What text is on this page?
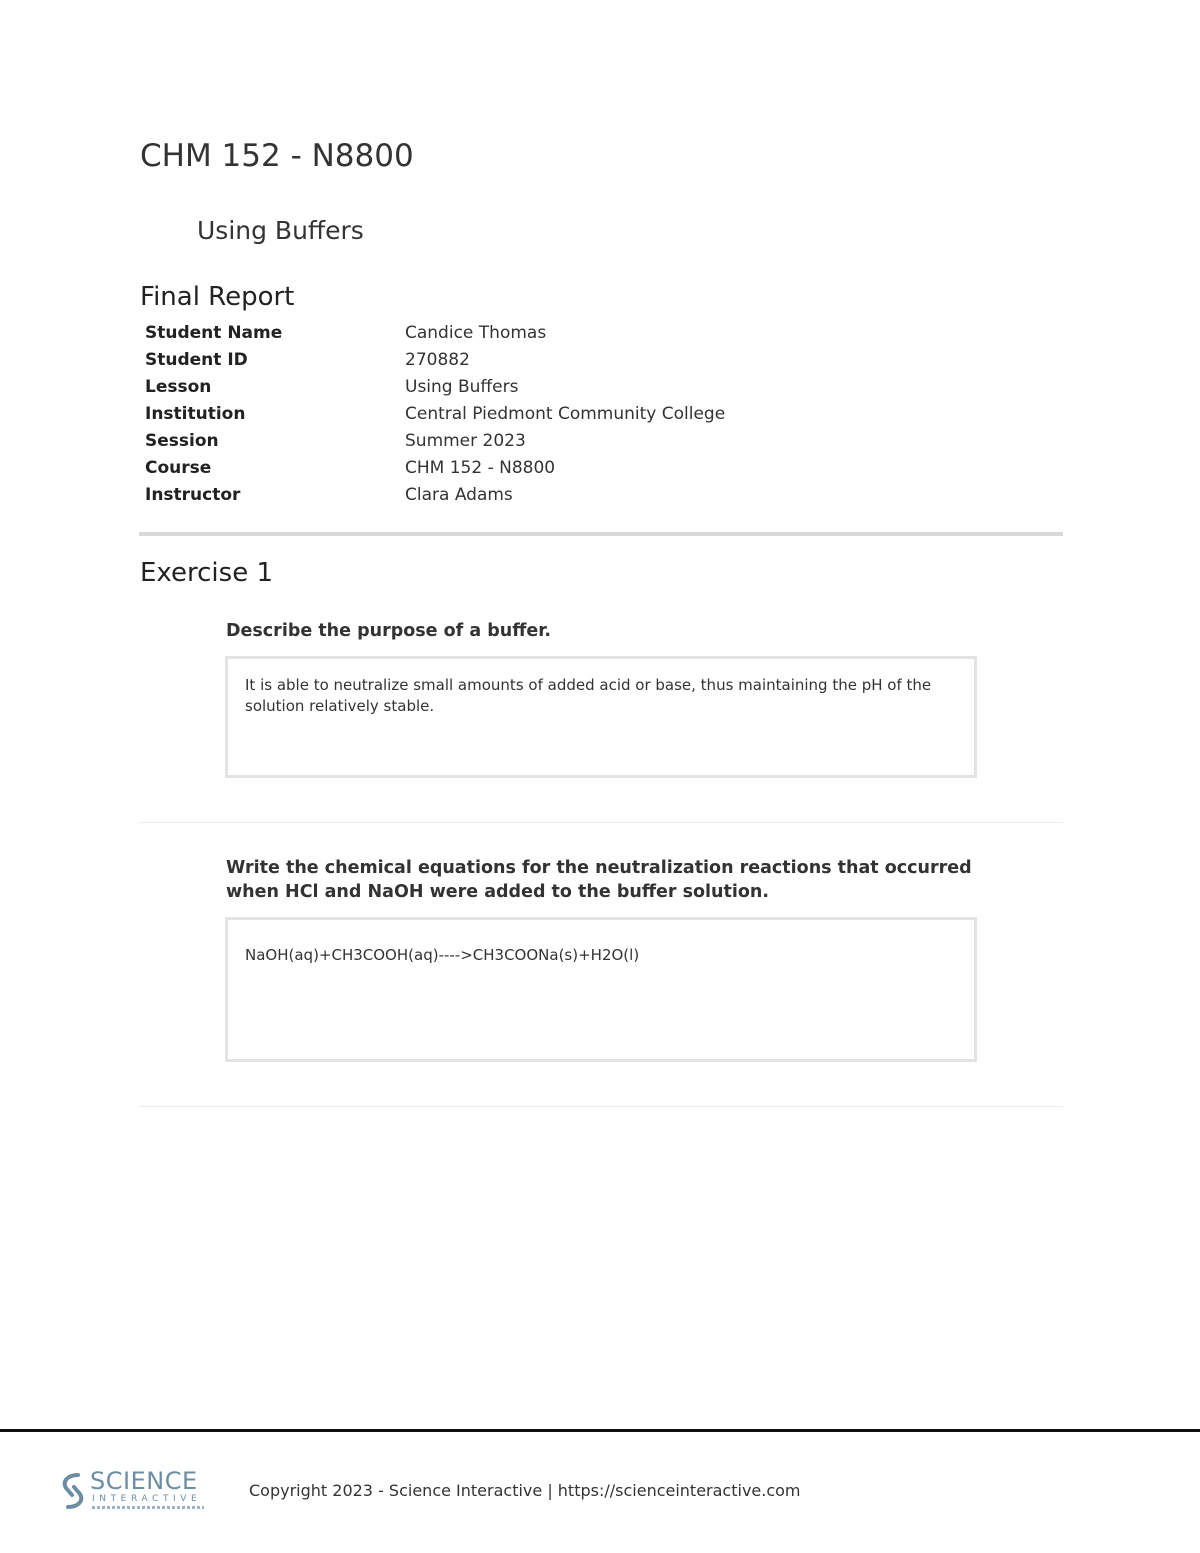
CHM 152 - N8800
Using Buffers
Final Report
Student Name	Candice Thomas
Student ID	270882
Lesson	Using Buffers
Institution	Central Piedmont Community College
Session	Summer 2023
Course	CHM 152 - N8800
Instructor	Clara Adams
Exercise 1

Describe the purpose of a buffer.

It is able to neutralize small amounts of added acid or base, thus maintaining the pH of the solution relatively stable.

Write the chemical equations for the neutralization reactions that occurred when HCl and NaOH were added to the buffer solution.

NaOH(aq)+CH3COOH(aq)---->CH3COONa(s)+H2O(l)
SCIENCE
INTERACTIVE	Copyright 2023 - Science Interactive | https://scienceinteractive.com
